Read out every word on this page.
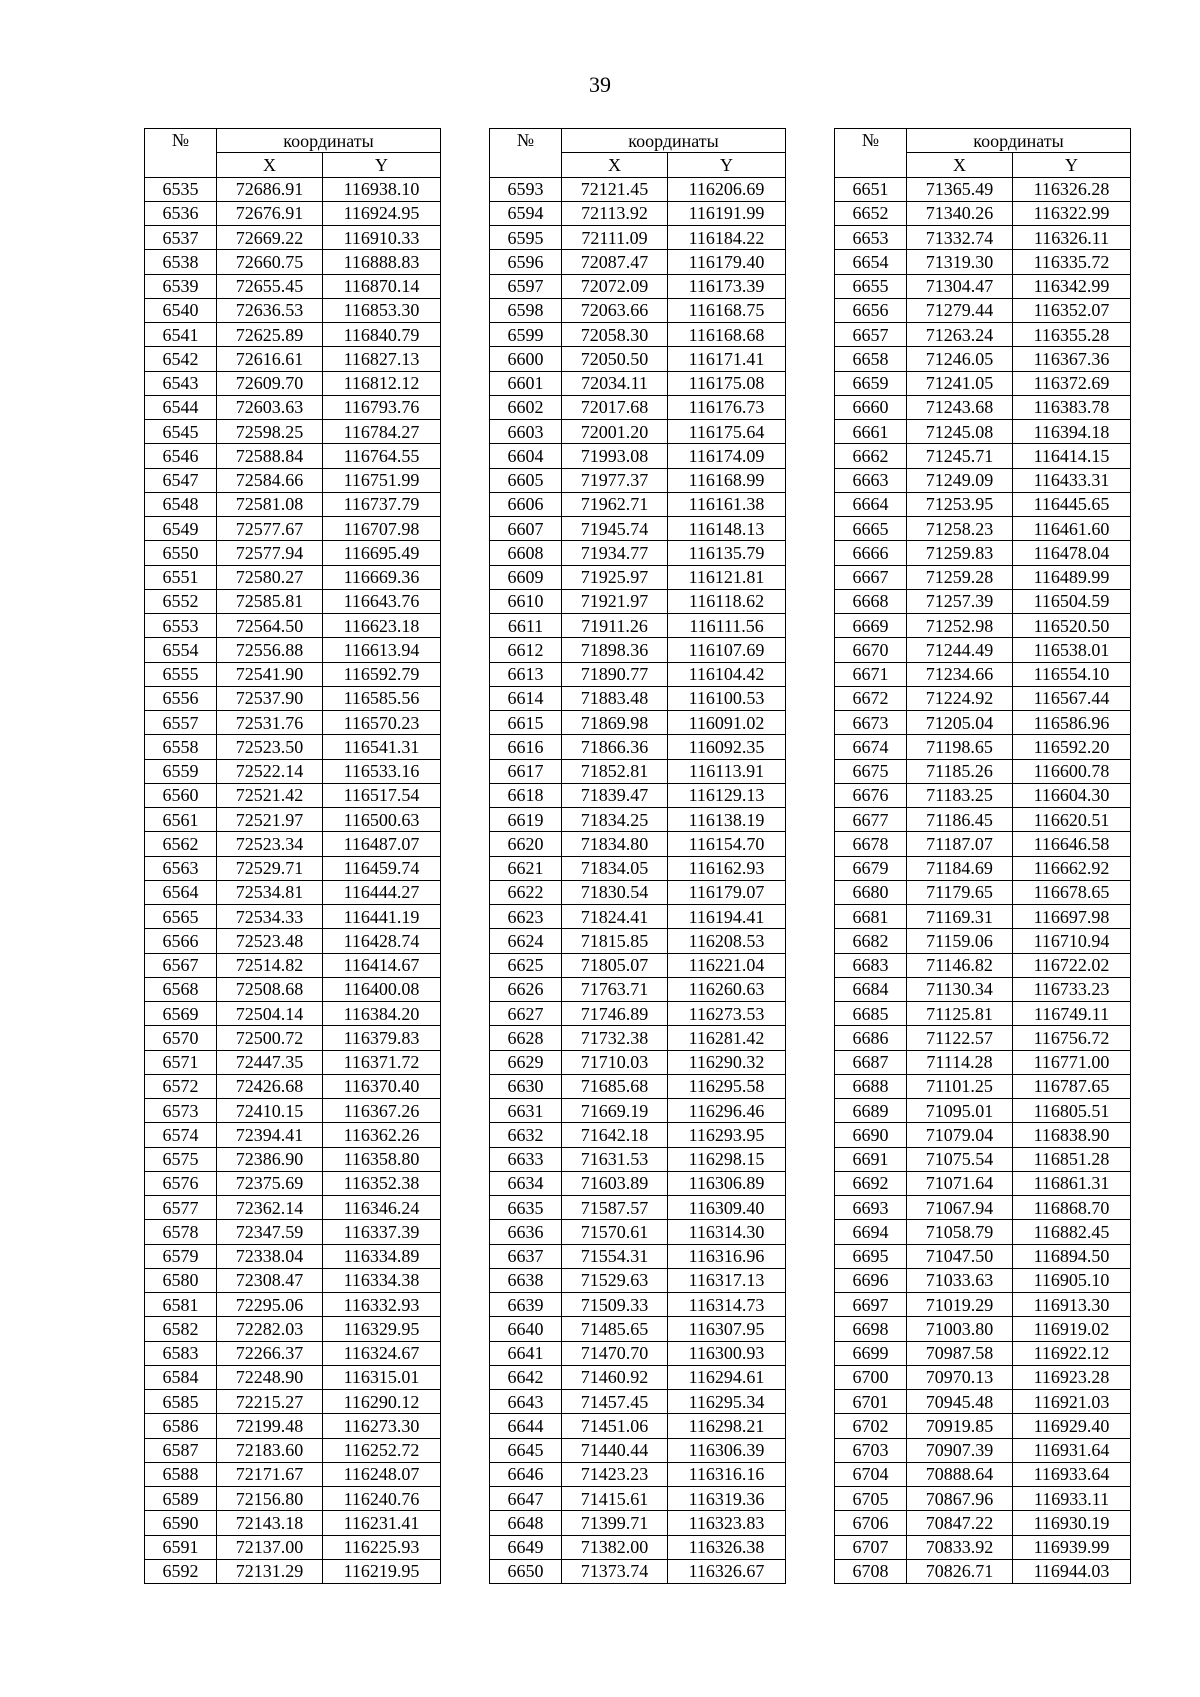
39
№	координаты	
	X	Y
6535	72686.91	116938.10
6536	72676.91	116924.95
6537	72669.22	116910.33
6538	72660.75	116888.83
6539	72655.45	116870.14
6540	72636.53	116853.30
6541	72625.89	116840.79
6542	72616.61	116827.13
6543	72609.70	116812.12
6544	72603.63	116793.76
6545	72598.25	116784.27
6546	72588.84	116764.55
6547	72584.66	116751.99
6548	72581.08	116737.79
6549	72577.67	116707.98
6550	72577.94	116695.49
6551	72580.27	116669.36
6552	72585.81	116643.76
6553	72564.50	116623.18
6554	72556.88	116613.94
6555	72541.90	116592.79
6556	72537.90	116585.56
6557	72531.76	116570.23
6558	72523.50	116541.31
6559	72522.14	116533.16
6560	72521.42	116517.54
6561	72521.97	116500.63
6562	72523.34	116487.07
6563	72529.71	116459.74
6564	72534.81	116444.27
6565	72534.33	116441.19
6566	72523.48	116428.74
6567	72514.82	116414.67
6568	72508.68	116400.08
6569	72504.14	116384.20
6570	72500.72	116379.83
6571	72447.35	116371.72
6572	72426.68	116370.40
6573	72410.15	116367.26
6574	72394.41	116362.26
6575	72386.90	116358.80
6576	72375.69	116352.38
6577	72362.14	116346.24
6578	72347.59	116337.39
6579	72338.04	116334.89
6580	72308.47	116334.38
6581	72295.06	116332.93
6582	72282.03	116329.95
6583	72266.37	116324.67
6584	72248.90	116315.01
6585	72215.27	116290.12
6586	72199.48	116273.30
6587	72183.60	116252.72
6588	72171.67	116248.07
6589	72156.80	116240.76
6590	72143.18	116231.41
6591	72137.00	116225.93
6592	72131.29	116219.95
№	координаты	
	X	Y
6593	72121.45	116206.69
6594	72113.92	116191.99
6595	72111.09	116184.22
6596	72087.47	116179.40
6597	72072.09	116173.39
6598	72063.66	116168.75
6599	72058.30	116168.68
6600	72050.50	116171.41
6601	72034.11	116175.08
6602	72017.68	116176.73
6603	72001.20	116175.64
6604	71993.08	116174.09
6605	71977.37	116168.99
6606	71962.71	116161.38
6607	71945.74	116148.13
6608	71934.77	116135.79
6609	71925.97	116121.81
6610	71921.97	116118.62
6611	71911.26	116111.56
6612	71898.36	116107.69
6613	71890.77	116104.42
6614	71883.48	116100.53
6615	71869.98	116091.02
6616	71866.36	116092.35
6617	71852.81	116113.91
6618	71839.47	116129.13
6619	71834.25	116138.19
6620	71834.80	116154.70
6621	71834.05	116162.93
6622	71830.54	116179.07
6623	71824.41	116194.41
6624	71815.85	116208.53
6625	71805.07	116221.04
6626	71763.71	116260.63
6627	71746.89	116273.53
6628	71732.38	116281.42
6629	71710.03	116290.32
6630	71685.68	116295.58
6631	71669.19	116296.46
6632	71642.18	116293.95
6633	71631.53	116298.15
6634	71603.89	116306.89
6635	71587.57	116309.40
6636	71570.61	116314.30
6637	71554.31	116316.96
6638	71529.63	116317.13
6639	71509.33	116314.73
6640	71485.65	116307.95
6641	71470.70	116300.93
6642	71460.92	116294.61
6643	71457.45	116295.34
6644	71451.06	116298.21
6645	71440.44	116306.39
6646	71423.23	116316.16
6647	71415.61	116319.36
6648	71399.71	116323.83
6649	71382.00	116326.38
6650	71373.74	116326.67
№	координаты	
	X	Y
6651	71365.49	116326.28
6652	71340.26	116322.99
6653	71332.74	116326.11
6654	71319.30	116335.72
6655	71304.47	116342.99
6656	71279.44	116352.07
6657	71263.24	116355.28
6658	71246.05	116367.36
6659	71241.05	116372.69
6660	71243.68	116383.78
6661	71245.08	116394.18
6662	71245.71	116414.15
6663	71249.09	116433.31
6664	71253.95	116445.65
6665	71258.23	116461.60
6666	71259.83	116478.04
6667	71259.28	116489.99
6668	71257.39	116504.59
6669	71252.98	116520.50
6670	71244.49	116538.01
6671	71234.66	116554.10
6672	71224.92	116567.44
6673	71205.04	116586.96
6674	71198.65	116592.20
6675	71185.26	116600.78
6676	71183.25	116604.30
6677	71186.45	116620.51
6678	71187.07	116646.58
6679	71184.69	116662.92
6680	71179.65	116678.65
6681	71169.31	116697.98
6682	71159.06	116710.94
6683	71146.82	116722.02
6684	71130.34	116733.23
6685	71125.81	116749.11
6686	71122.57	116756.72
6687	71114.28	116771.00
6688	71101.25	116787.65
6689	71095.01	116805.51
6690	71079.04	116838.90
6691	71075.54	116851.28
6692	71071.64	116861.31
6693	71067.94	116868.70
6694	71058.79	116882.45
6695	71047.50	116894.50
6696	71033.63	116905.10
6697	71019.29	116913.30
6698	71003.80	116919.02
6699	70987.58	116922.12
6700	70970.13	116923.28
6701	70945.48	116921.03
6702	70919.85	116929.40
6703	70907.39	116931.64
6704	70888.64	116933.64
6705	70867.96	116933.11
6706	70847.22	116930.19
6707	70833.92	116939.99
6708	70826.71	116944.03
